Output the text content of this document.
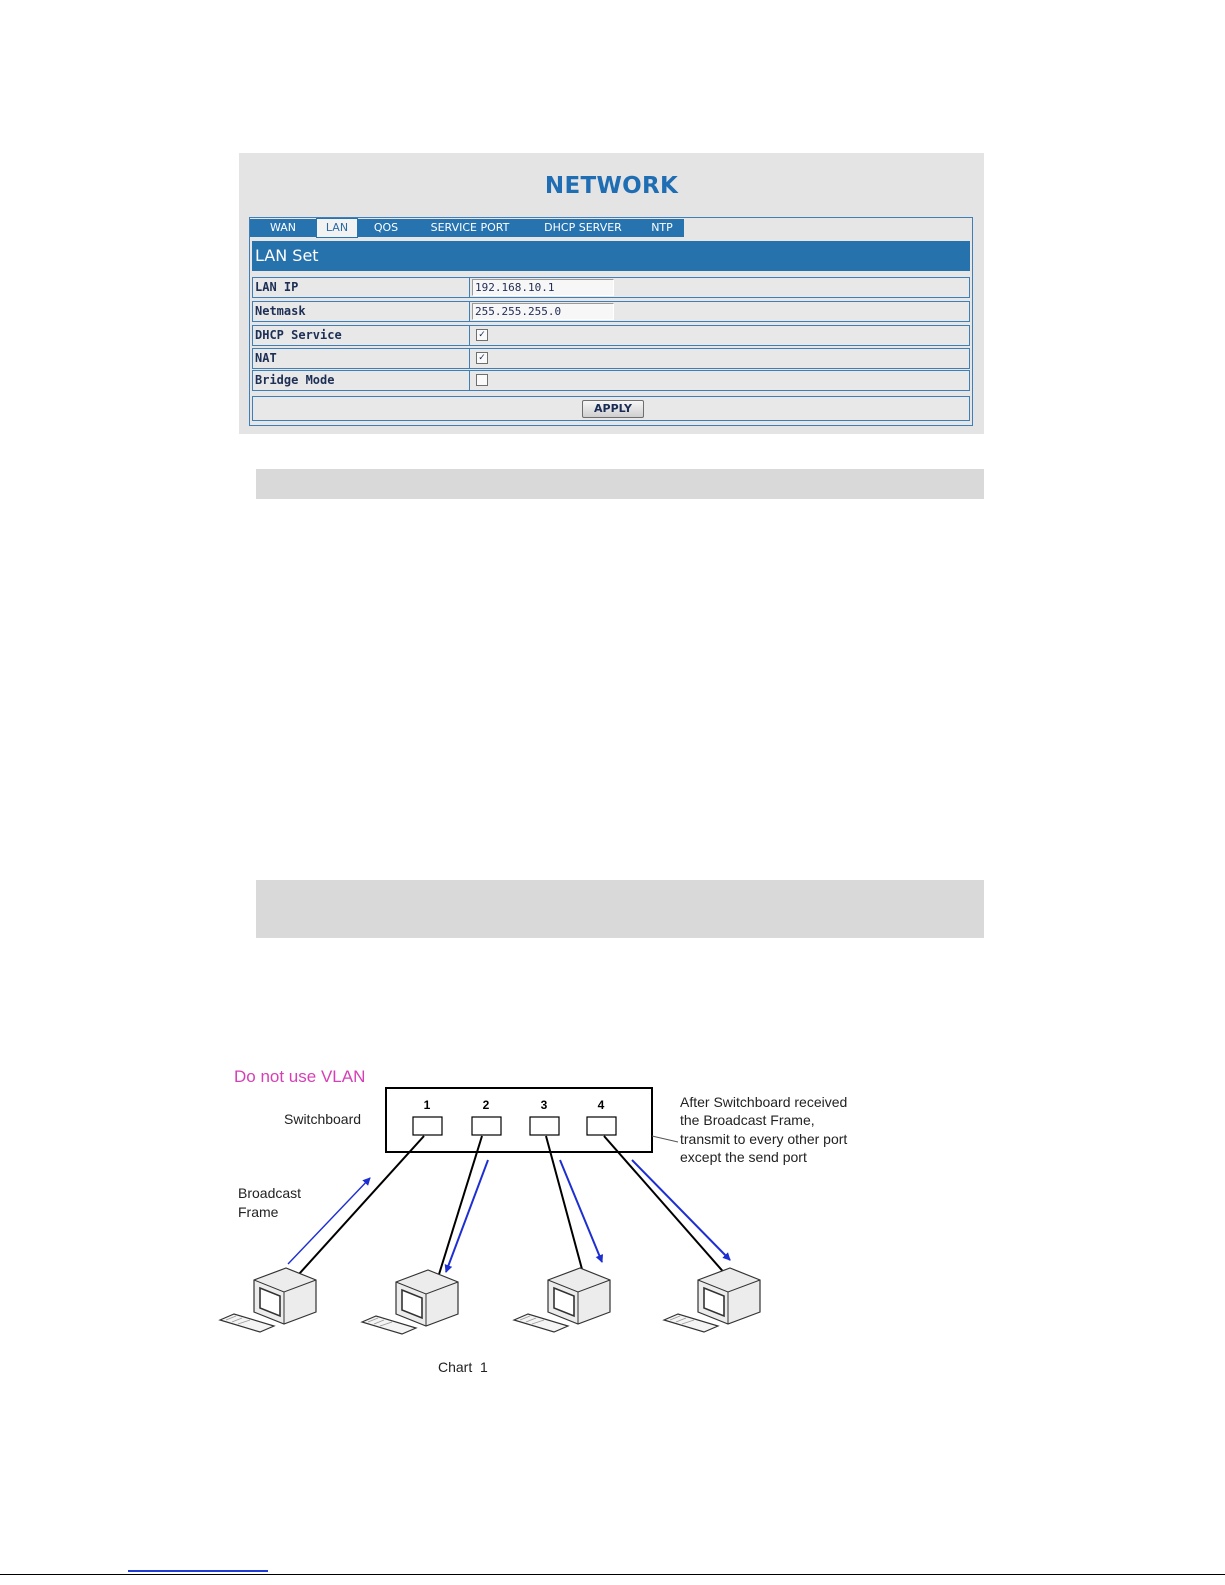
NETWORK
WAN	LAN	QOS	SERVICE PORT	DHCP SERVER	NTP
LAN Set
LAN IP	192.168.10.1
Netmask	255.255.255.0
DHCP Service	✓
NAT	✓
Bridge Mode
APPLY
1	2	3	4
Do not use VLAN
Switchboard
Broadcast
Frame
After Switchboard received
the Broadcast Frame,
transmit to every other port
except the send port
Chart  1
